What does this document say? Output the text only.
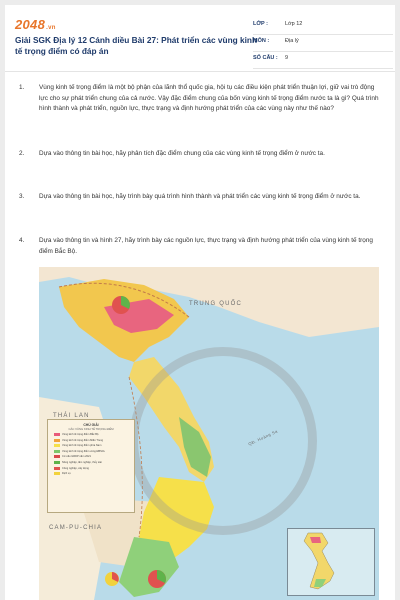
2048.vn
Giải SGK Địa lý 12 Cánh diều Bài 27: Phát triển các vùng kinh tế trọng điểm có đáp án
LỚP :	Lớp 12
MÔN :	Địa lý
SỐ CÂU : 9
1. Vùng kinh tế trọng điểm là một bộ phận của lãnh thổ quốc gia, hội tụ các điều kiện phát triển thuận lợi, giữ vai trò động lực cho sự phát triển chung của cả nước. Vậy đặc điểm chung của bốn vùng kinh tế trọng điểm nước ta là gì? Quá trình hình thành và phát triển, nguồn lực, thực trạng và định hướng phát triển của các vùng này như thế nào?
2. Dựa vào thông tin bài học, hãy phân tích đặc điểm chung của các vùng kinh tế trọng điểm ở nước ta.
3. Dựa vào thông tin bài học, hãy trình bày quá trình hình thành và phát triển các vùng kinh tế trọng điểm ở nước ta.
4. Dựa vào thông tin và hình 27, hãy trình bày các nguồn lực, thực trạng và định hướng phát triển của vùng kinh tế trọng điểm Bắc Bộ.
TRUNG QUỐC
THÁI LAN
CAM-PU-CHIA
QĐ. Hoàng Sa
CHÚ GIẢI
CÁC VÙNG KINH TẾ TRỌNG ĐIỂM
Vùng kinh tế trọng điểm Bắc Bộ
Vùng kinh tế trọng điểm Miền Trung
Vùng kinh tế trọng điểm phía Nam
Vùng kinh tế trọng điểm vùng ĐBSCL
Cơ cấu GRDP năm 2021
Nông nghiệp, lâm nghiệp, thủy sản
Công nghiệp, xây dựng
Dịch vụ
